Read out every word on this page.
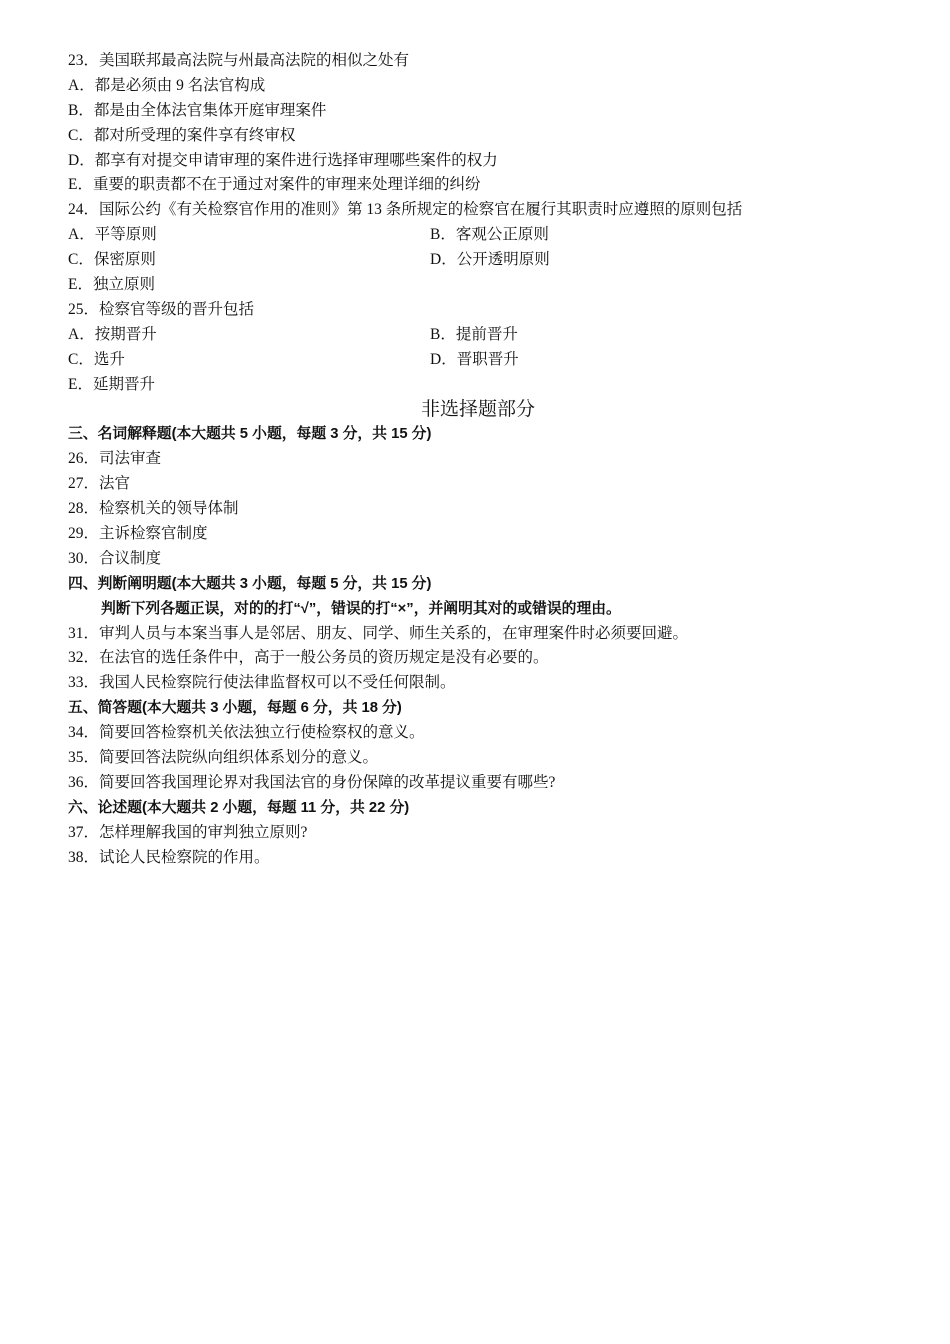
23．美国联邦最高法院与州最高法院的相似之处有
A．都是必须由 9 名法官构成
B．都是由全体法官集体开庭审理案件
C．都对所受理的案件享有终审权
D．都享有对提交申请审理的案件进行选择审理哪些案件的权力
E．重要的职责都不在于通过对案件的审理来处理详细的纠纷
24．国际公约《有关检察官作用的准则》第 13 条所规定的检察官在履行其职责时应遵照的原则包括
A．平等原则	B．客观公正原则
C．保密原则	D．公开透明原则
E．独立原则
25．检察官等级的晋升包括
A．按期晋升	B．提前晋升
C．选升	D．晋职晋升
E．延期晋升
非选择题部分
三、名词解释题(本大题共 5 小题，每题 3 分，共 15 分)
26．司法审查
27．法官
28．检察机关的领导体制
29．主诉检察官制度
30．合议制度
四、判断阐明题(本大题共 3 小题，每题 5 分，共 15 分)
判断下列各题正误，对的的打“√”，错误的打“×”，并阐明其对的或错误的理由。
31．审判人员与本案当事人是邻居、朋友、同学、师生关系的，在审理案件时必须要回避。
32．在法官的选任条件中，高于一般公务员的资历规定是没有必要的。
33．我国人民检察院行使法律监督权可以不受任何限制。
五、简答题(本大题共 3 小题，每题 6 分，共 18 分)
34．简要回答检察机关依法独立行使检察权的意义。
35．简要回答法院纵向组织体系划分的意义。
36．简要回答我国理论界对我国法官的身份保障的改革提议重要有哪些?
六、论述题(本大题共 2 小题，每题 11 分，共 22 分)
37．怎样理解我国的审判独立原则?
38．试论人民检察院的作用。
